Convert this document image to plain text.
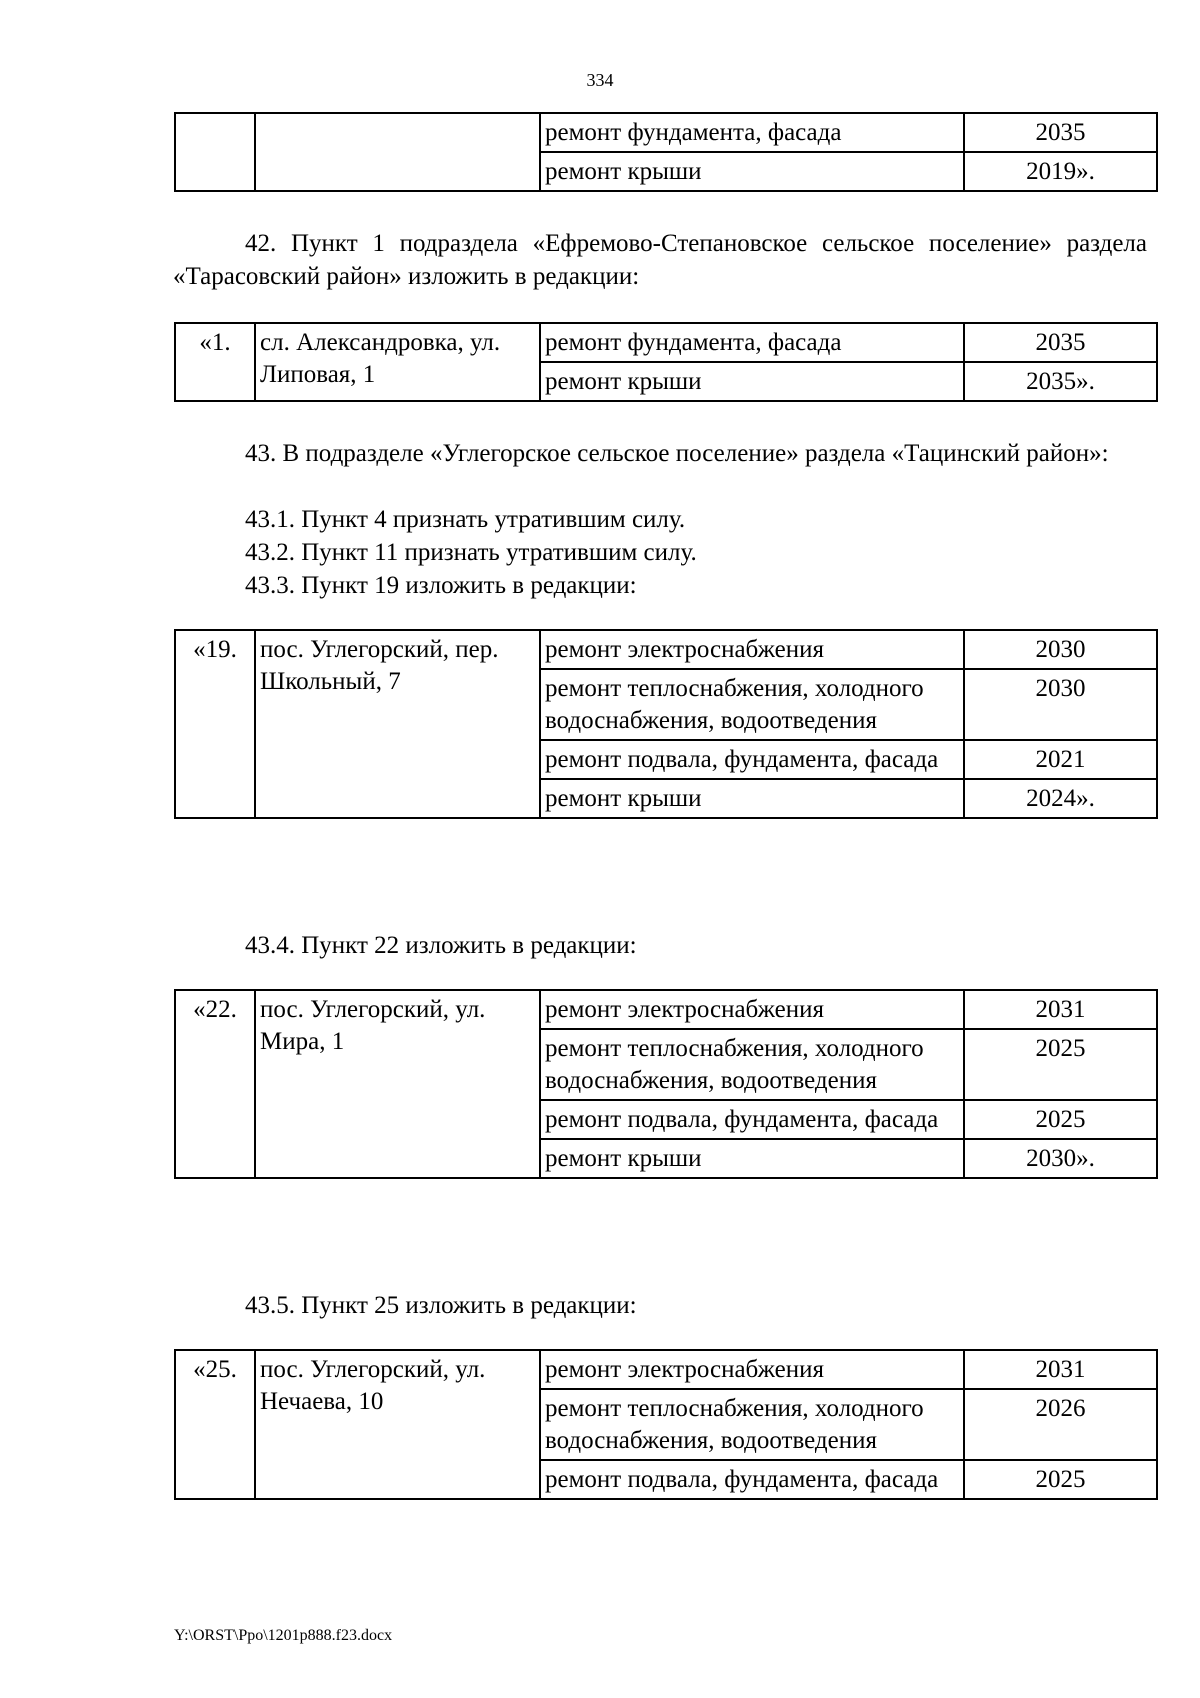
334
		ремонт фундамента, фасада	2035
		ремонт крыши	2019».

42. Пункт 1 подраздела «Ефремово-Степановское сельское поселение» раздела «Тарасовский район» изложить в редакции:

«1.	сл. Александровка, ул. Липовая, 1	ремонт фундамента, фасада	2035
		ремонт крыши	2035».

43. В подразделе «Углегорское сельское поселение» раздела «Тацинский район»:

43.1. Пункт 4 признать утратившим силу.

43.2. Пункт 11 признать утратившим силу.

43.3. Пункт 19 изложить в редакции:

«19.	пос. Углегорский, пер. Школьный, 7	ремонт электроснабжения	2030
		ремонт теплоснабжения, холодного водоснабжения, водоотведения	2030
		ремонт подвала, фундамента, фасада	2021
		ремонт крыши	2024».

43.4. Пункт 22 изложить в редакции:

«22.	пос. Углегорский, ул. Мира, 1	ремонт электроснабжения	2031
		ремонт теплоснабжения, холодного водоснабжения, водоотведения	2025
		ремонт подвала, фундамента, фасада	2025
		ремонт крыши	2030».

43.5. Пункт 25 изложить в редакции:

«25.	пос. Углегорский, ул. Нечаева, 10	ремонт электроснабжения	2031
		ремонт теплоснабжения, холодного водоснабжения, водоотведения	2026
		ремонт подвала, фундамента, фасада	2025
Y:\ORST\Ppo\1201p888.f23.docx
